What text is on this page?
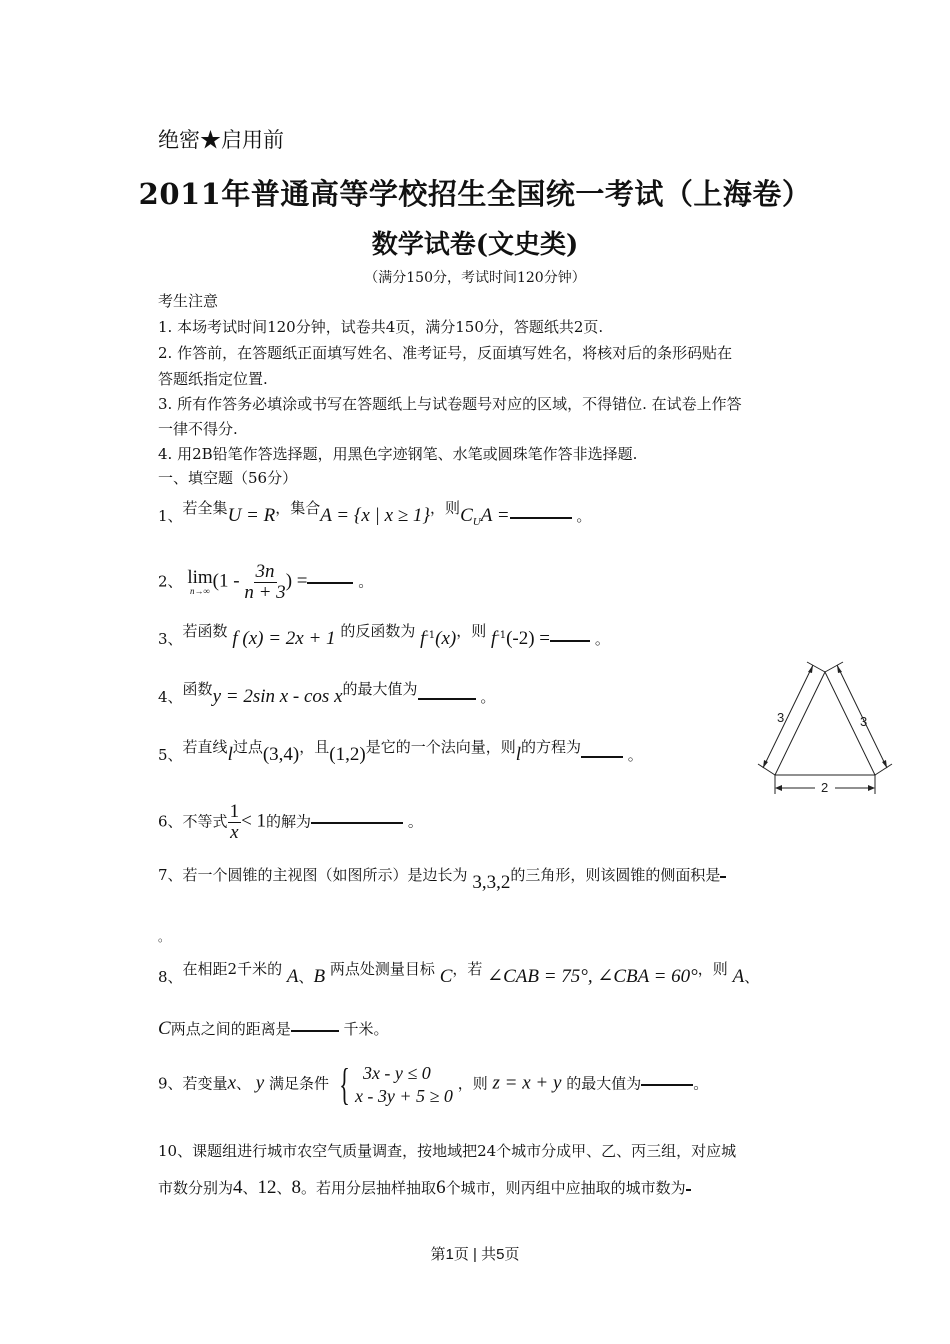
绝密★启用前
2011年普通高等学校招生全国统一考试（上海卷）
数学试卷(文史类)
（满分150分，考试时间120分钟）
考生注意
1. 本场考试时间120分钟，试卷共4页，满分150分，答题纸共2页.
2. 作答前，在答题纸正面填写姓名、准考证号，反面填写姓名，将核对后的条形码贴在
答题纸指定位置.
3. 所有作答务必填涂或书写在答题纸上与试卷题号对应的区域，不得错位. 在试卷上作答
一律不得分.
4. 用2B铅笔作答选择题，用黑色字迹钢笔、水笔或圆珠笔作答非选择题.
一、填空题（56分）
1、若全集U = R，集合A = {x | x ≥ 1}，则$C_UA$ =	。
2、 lim
n→∞ ($1 - \frac{3n}{n + 3}$ ) =	。
3、若函数 f (x) = 2x + 1 的反函数为 $f^{-1}(x)$，则 $f^{-1}(-2)$ =	。
4、函数y = 2sin x - cos x的最大值为	。
5、若直线l过点(3,4)，且(1,2)是它的一个法向量，则l的方程为	。
3	3
2
6、不等式 $\frac{1}{x} < 1$的解为	。
7、若一个圆锥的主视图（如图所示）是边长为 3,3,2的三角形，则该圆锥的侧面积是
。
8、在相距2千米的 A、B 两点处测量目标 C，若 ∠CAB = 75°, ∠CBA = 60°，则 A、
C两点之间的距离是	千米。
9、若变量x、 y 满足条件 { 3x - y ≤ 0
x - 3y + 5 ≥ 0
，则 z = x + y 的最大值为	。
10、课题组进行城市农空气质量调查，按地域把24个城市分成甲、乙、丙三组，对应城
市数分别为4、12、8。若用分层抽样抽取6个城市，则丙组中应抽取的城市数为
第1页 | 共5页
